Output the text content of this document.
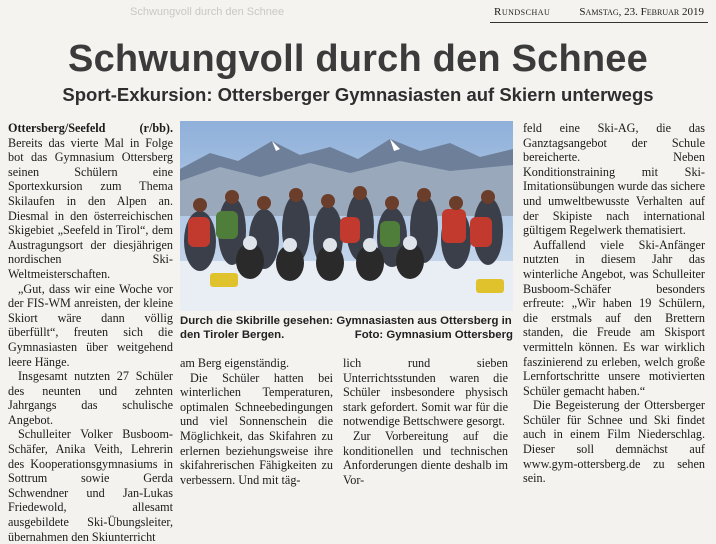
Schwungvoll durch den Schnee	Rundschau	Samstag, 23. Februar 2019
Schwungvoll durch den Schnee
Sport-Exkursion: Ottersberger Gymnasiasten auf Skiern unterwegs

Ottersberg/Seefeld (r/bb). Bereits das vierte Mal in Folge bot das Gymnasium Ottersberg seinen Schülern eine Sportexkursion zum Thema Skilaufen in den Alpen an. Diesmal in den österreichischen Skigebiet „Seefeld in Tirol“, dem Austragungsort der diesjährigen nordischen Ski-Weltmeisterschaften.

„Gut, dass wir eine Woche vor der FIS-WM anreisten, der kleine Skiort wäre dann völlig überfüllt“, freuten sich die Gymnasiasten über weitgehend leere Hänge.

Insgesamt nutzten 27 Schüler des neunten und zehnten Jahrgangs das schulische Angebot.

Schulleiter Volker Busboom-Schäfer, Anika Veith, Lehrerin des Kooperationsgymnasiums in Sottrum sowie Gerda Schwendner und Jan-Lukas Friedewold, allesamt ausgebildete Ski-Übungsleiter, übernahmen den Skiunterricht

Durch die Skibrille gesehen: Gymnasiasten aus Ottersberg in
den Tiroler Bergen.	Foto: Gymnasium Ottersberg

am Berg eigenständig.

Die Schüler hatten bei winterlichen Temperaturen, optimalen Schneebedingungen und viel Sonnenschein die Möglichkeit, das Skifahren zu erlernen beziehungsweise ihre skifahrerischen Fähigkeiten zu verbessern. Und mit täg-

lich rund sieben Unterrichtsstunden waren die Schüler insbesondere physisch stark gefordert. Somit war für die notwendige Bettschwere gesorgt.

Zur Vorbereitung auf die konditionellen und technischen Anforderungen diente deshalb im Vor-

feld eine Ski-AG, die das Ganztagsangebot der Schule bereicherte. Neben Konditionstraining mit Ski-Imitationsübungen wurde das sichere und umweltbewusste Verhalten auf der Skipiste nach international gültigem Regelwerk thematisiert.

Auffallend viele Ski-Anfänger nutzten in diesem Jahr das winterliche Angebot, was Schulleiter Busboom-Schäfer besonders erfreute: „Wir haben 19 Schülern, die erstmals auf den Brettern standen, die Freude am Skisport vermitteln können. Es war wirklich faszinierend zu erleben, welch große Lernfortschritte unsere motivierten Schüler gemacht haben.“

Die Begeisterung der Ottersberger Schüler für Schnee und Ski findet auch in einem Film Niederschlag. Dieser soll demnächst auf www.gym-ottersberg.de zu sehen sein.
